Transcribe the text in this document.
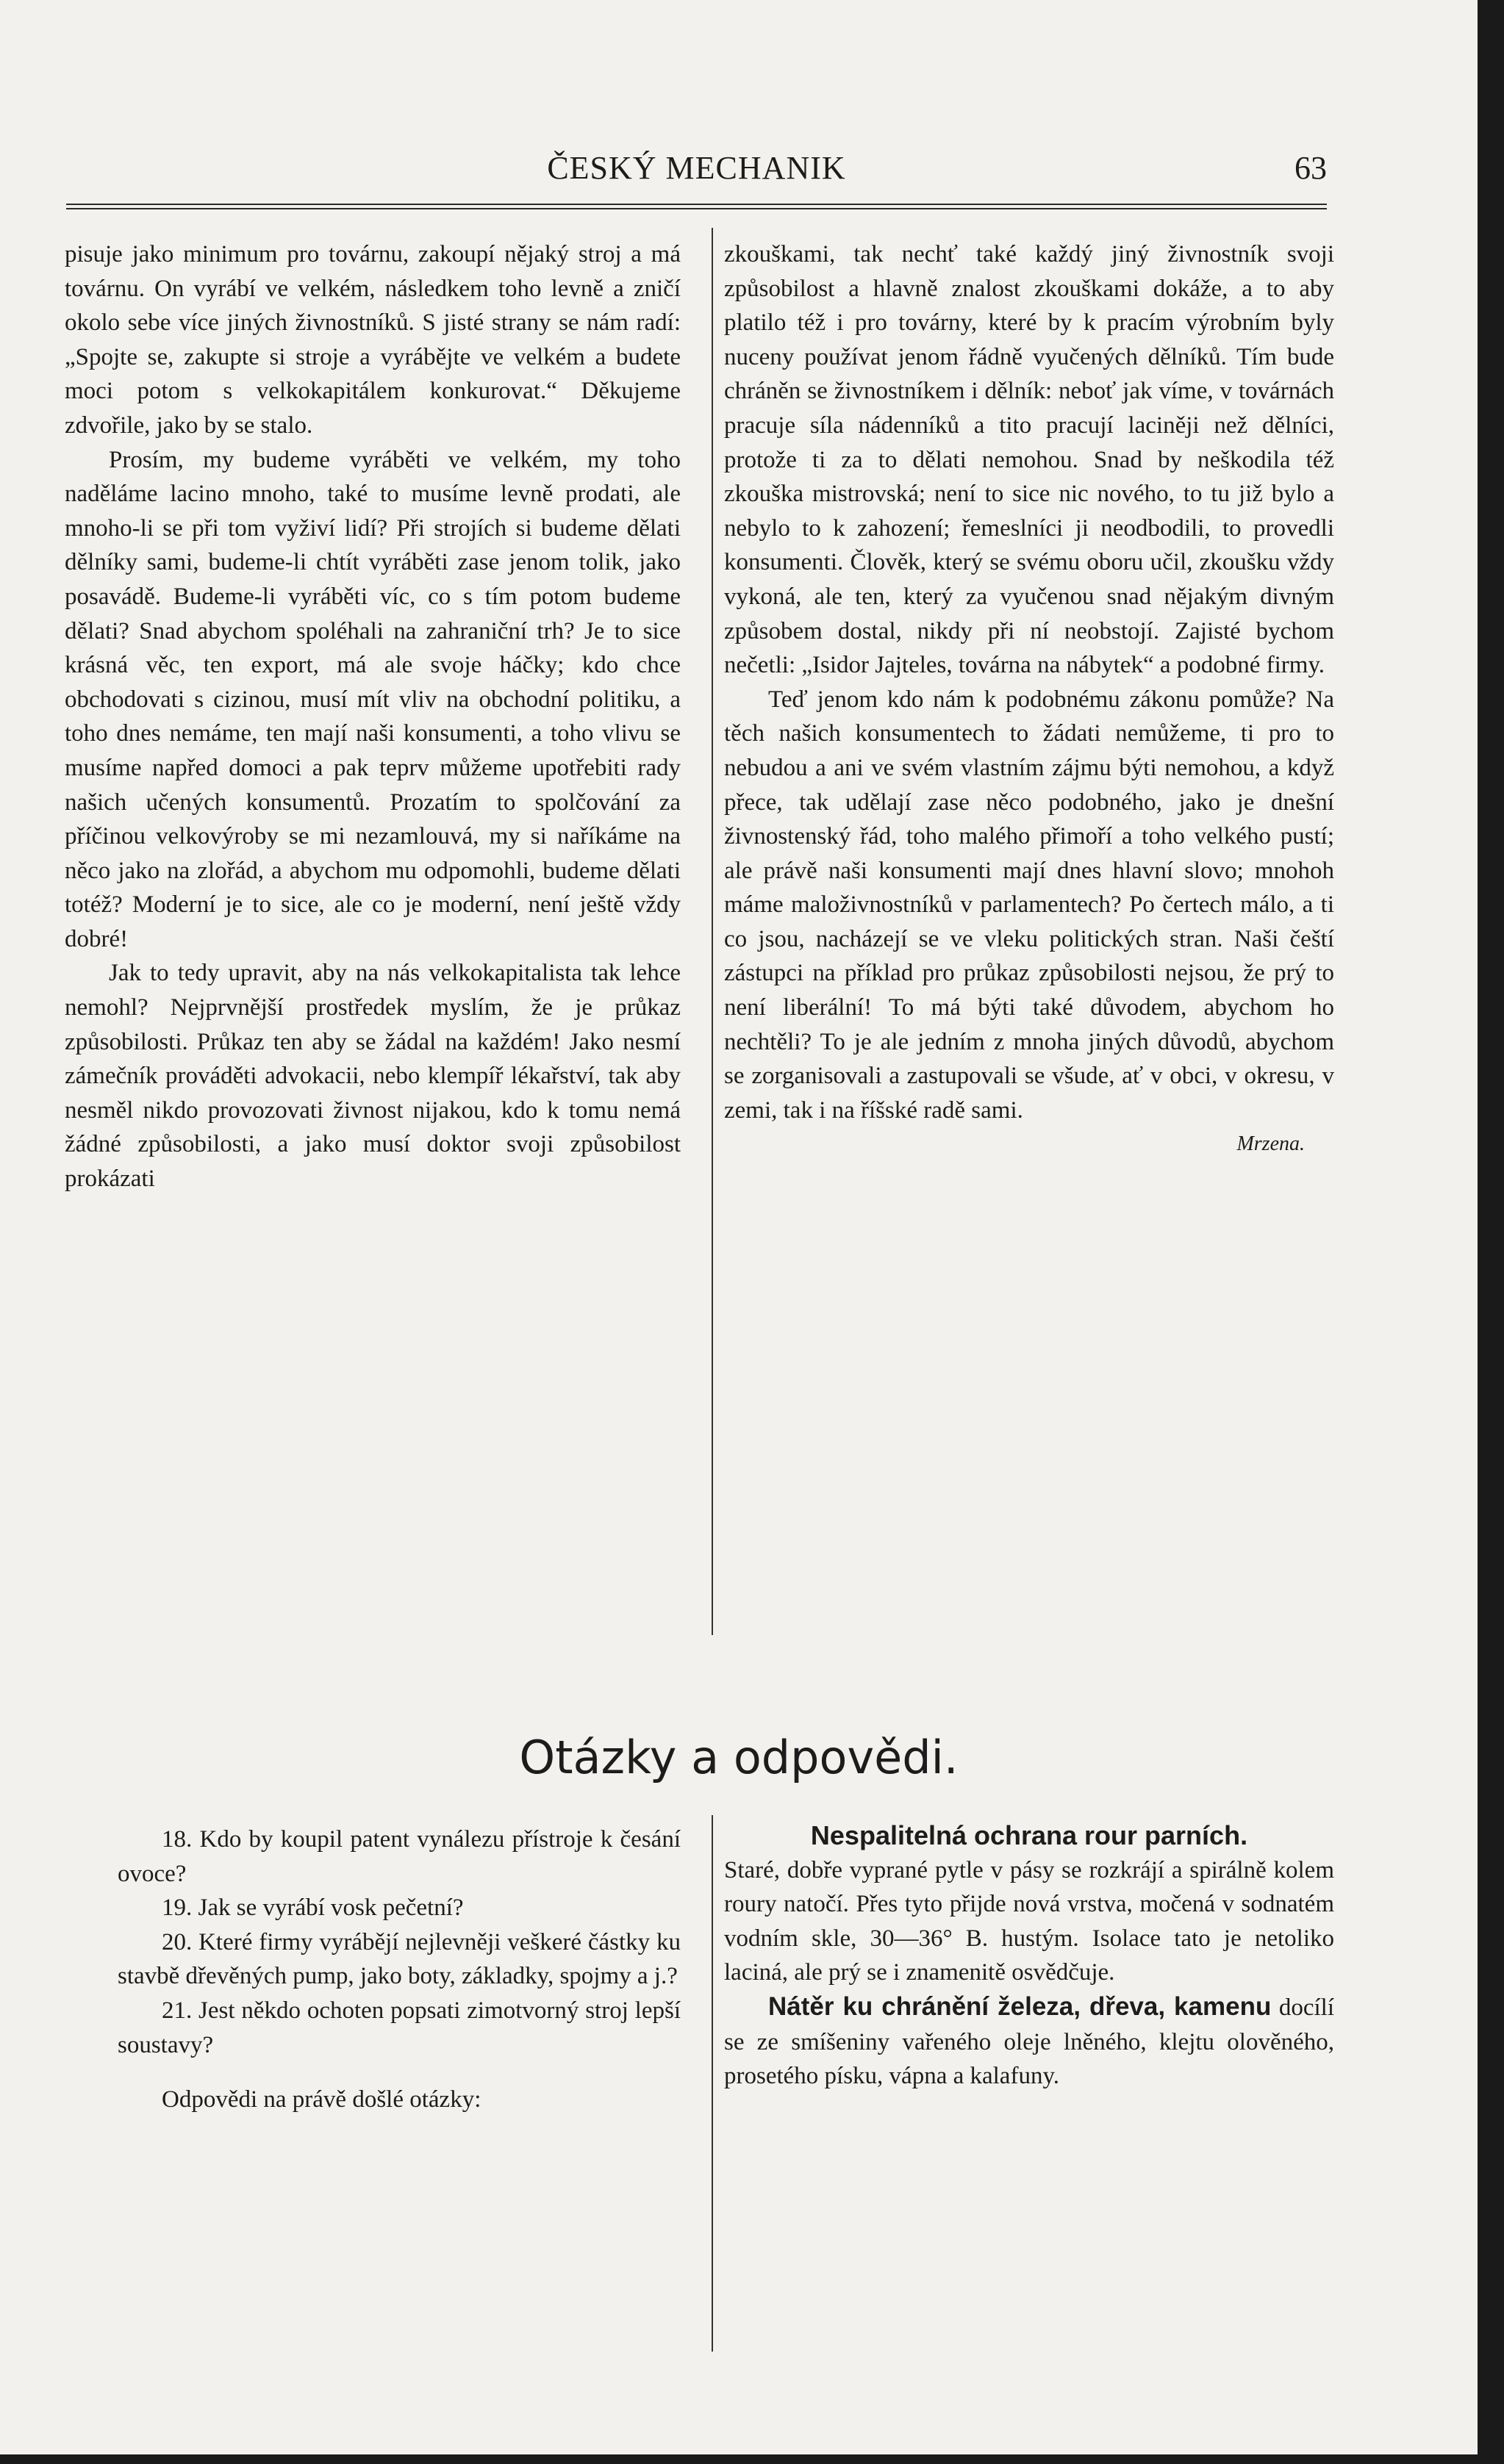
ČESKÝ MECHANIK	63

pisuje jako minimum pro továrnu, zakoupí nějaký stroj a má továrnu. On vyrábí ve velkém, následkem toho levně a zničí okolo sebe více jiných živnostníků. S jisté strany se nám radí: „Spojte se, zakupte si stroje a vyrábějte ve velkém a budete moci potom s velkokapitálem konkurovat.“ Děkujeme zdvořile, jako by se stalo.

Prosím, my budeme vyráběti ve velkém, my toho naděláme lacino mnoho, také to musíme levně prodati, ale mnoho-li se při tom vyživí lidí? Při strojích si budeme dělati dělníky sami, budeme-li chtít vyráběti zase jenom tolik, jako posavádě. Budeme-li vyráběti víc, co s tím potom budeme dělati? Snad abychom spoléhali na zahraniční trh? Je to sice krásná věc, ten export, má ale svoje háčky; kdo chce obchodovati s cizinou, musí mít vliv na obchodní politiku, a toho dnes nemáme, ten mají naši konsumenti, a toho vlivu se musíme napřed domoci a pak teprv můžeme upotřebiti rady našich učených konsumentů. Prozatím to spolčování za příčinou velkovýroby se mi nezamlouvá, my si naříkáme na něco jako na zlořád, a abychom mu odpomohli, budeme dělati totéž? Moderní je to sice, ale co je moderní, není ještě vždy dobré!

Jak to tedy upravit, aby na nás velkokapitalista tak lehce nemohl? Nejprvnější prostředek myslím, že je průkaz způsobilosti. Průkaz ten aby se žádal na každém! Jako nesmí zámečník prováděti advokacii, nebo klempíř lékařství, tak aby nesměl nikdo provozovati živnost nijakou, kdo k tomu nemá žádné způsobilosti, a jako musí doktor svoji způsobilost prokázati

zkouškami, tak nechť také každý jiný živnostník svoji způsobilost a hlavně znalost zkouškami dokáže, a to aby platilo též i pro továrny, které by k pracím výrobním byly nuceny používat jenom řádně vyučených dělníků. Tím bude chráněn se živnostníkem i dělník: neboť jak víme, v továrnách pracuje síla nádenníků a tito pracují laciněji než dělníci, protože ti za to dělati nemohou. Snad by neškodila též zkouška mistrovská; není to sice nic nového, to tu již bylo a nebylo to k zahození; řemeslníci ji neodbodili, to provedli konsumenti. Člověk, který se svému oboru učil, zkoušku vždy vykoná, ale ten, který za vyučenou snad nějakým divným způsobem dostal, nikdy při ní neobstojí. Zajisté bychom nečetli: „Isidor Jajteles, továrna na nábytek“ a podobné firmy.

Teď jenom kdo nám k podobnému zákonu pomůže? Na těch našich konsumentech to žádati nemůžeme, ti pro to nebudou a ani ve svém vlastním zájmu býti nemohou, a když přece, tak udělají zase něco podobného, jako je dnešní živnostenský řád, toho malého přimoří a toho velkého pustí; ale právě naši konsumenti mají dnes hlavní slovo; mnohoh máme maloživnostníků v parlamentech? Po čertech málo, a ti co jsou, nacházejí se ve vleku politických stran. Naši čeští zástupci na příklad pro průkaz způsobilosti nejsou, že prý to není liberální! To má býti také důvodem, abychom ho nechtěli? To je ale jedním z mnoha jiných důvodů, abychom se zorganisovali a zastupovali se všude, ať v obci, v okresu, v zemi, tak i na říšské radě sami.

Mrzena.

Otázky a odpovědi.

18. Kdo by koupil patent vynálezu přístroje k česání ovoce?

19. Jak se vyrábí vosk pečetní?

20. Které firmy vyrábějí nejlevněji veškeré částky ku stavbě dřevěných pump, jako boty, základky, spojmy a j.?

21. Jest někdo ochoten popsati zimotvorný stroj lepší soustavy?

Odpovědi na právě došlé otázky:

Nespalitelná ochrana rour parních.

Staré, dobře vyprané pytle v pásy se rozkrájí a spirálně kolem roury natočí. Přes tyto přijde nová vrstva, močená v sodnatém vodním skle, 30—36° B. hustým. Isolace tato je netoliko laciná, ale prý se i znamenitě osvědčuje.

Nátěr ku chránění železa, dřeva, kamenu docílí se ze smíšeniny vařeného oleje lněného, klejtu olověného, prosetého písku, vápna a kalafuny.
